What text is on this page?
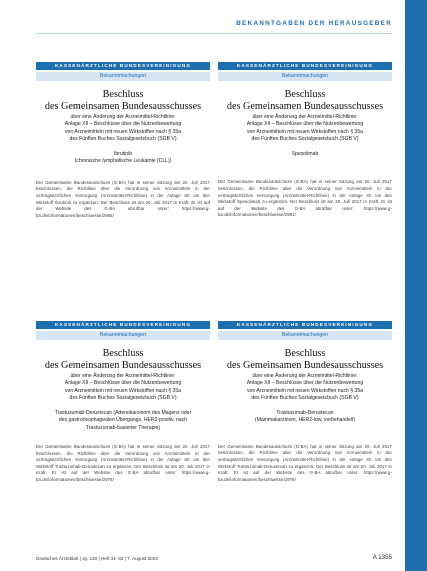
BEKANNTGABEN DER HERAUSGEBER
KASSENÄRZTLICHE BUNDESVEREINIGUNG
Bekanntmachungen
Beschluss
des Gemeinsamen Bundesausschusses
über eine Änderung der Arzneimittel-Richtlinie:
Anlage XII – Beschlüsse über die Nutzenbewertung
von Arzneimitteln mit neuen Wirkstoffen nach § 35a
des Fünften Buches Sozialgesetzbuch (SGB V)
Ibrutinib
(chronische lymphatische Leukämie (CLL))
Der Gemeinsame Bundesausschuss (G-BA) hat in seiner Sitzung am 20. Juli 2017 beschlossen, die Richtlinie über die Verordnung von Arzneimitteln in der vertragsärztlichen Versorgung (Arzneimittel-Richtlinie) in der Anlage XII um den Wirkstoff Ibrutinib zu ergänzen. Der Beschluss ist am 20. Juli 2017 in Kraft. Er ist auf der Website des G-BA abrufbar unter: https://www.g-ba.de/informationen/beschluesse/2986/
KASSENÄRZTLICHE BUNDESVEREINIGUNG
Bekanntmachungen
Beschluss
des Gemeinsamen Bundesausschusses
über eine Änderung der Arzneimittel-Richtlinie:
Anlage XII – Beschlüsse über die Nutzenbewertung
von Arzneimitteln mit neuen Wirkstoffen nach § 35a
des Fünften Buches Sozialgesetzbuch (SGB V)
Spesolimab
Der Gemeinsame Bundesausschuss (G-BA) hat in seiner Sitzung am 20. Juli 2017 beschlossen, die Richtlinie über die Verordnung von Arzneimitteln in der vertragsärztlichen Versorgung (Arzneimittel-Richtlinie) in der Anlage XII um den Wirkstoff Spesolimab zu ergänzen. Der Beschluss ist am 20. Juli 2017 in Kraft. Er ist auf der Website des G-BA abrufbar unter: https://www.g-ba.de/informationen/beschluesse/2991/
KASSENÄRZTLICHE BUNDESVEREINIGUNG
Bekanntmachungen
Beschluss
des Gemeinsamen Bundesausschusses
über eine Änderung der Arzneimittel-Richtlinie:
Anlage XII – Beschlüsse über die Nutzenbewertung
von Arzneimitteln mit neuen Wirkstoffen nach § 35a
des Fünften Buches Sozialgesetzbuch (SGB V)
Trastuzumab-Deruxtecan (Adenokarzinom des Magens oder
des gastroösophagealen Übergangs, HER2-positiv, nach
Trastuzumab-basierter Therapie)
Der Gemeinsame Bundesausschuss (G-BA) hat in seiner Sitzung am 20. Juli 2017 beschlossen, die Richtlinie über die Verordnung von Arzneimitteln in der vertragsärztlichen Versorgung (Arzneimittel-Richtlinie) in der Anlage XII um den Wirkstoff Trastuzumab-Deruxtecan zu ergänzen. Der Beschluss ist am 20. Juli 2017 in Kraft. Er ist auf der Website des G-BA abrufbar unter: https://www.g-ba.de/informationen/beschluesse/2978/
KASSENÄRZTLICHE BUNDESVEREINIGUNG
Bekanntmachungen
Beschluss
des Gemeinsamen Bundesausschusses
über eine Änderung der Arzneimittel-Richtlinie:
Anlage XII – Beschlüsse über die Nutzenbewertung
von Arzneimitteln mit neuen Wirkstoffen nach § 35a
des Fünften Buches Sozialgesetzbuch (SGB V)
Trastuzumab-Deruxtecan
(Mammakarzinom, HER2-low, vorbehandelt)
Der Gemeinsame Bundesausschuss (G-BA) hat in seiner Sitzung am 20. Juli 2017 beschlossen, die Richtlinie über die Verordnung von Arzneimitteln in der vertragsärztlichen Versorgung (Arzneimittel-Richtlinie) in der Anlage XII um den Wirkstoff Trastuzumab-Deruxtecan zu ergänzen. Der Beschluss ist am 20. Juli 2017 in Kraft. Er ist auf der Website des G-BA abrufbar unter: https://www.g-ba.de/informationen/beschluesse/2979/
Deutsches Ärzteblatt | Jg. 120 | Heft 31–32 | 7. August 2023	A 1355
